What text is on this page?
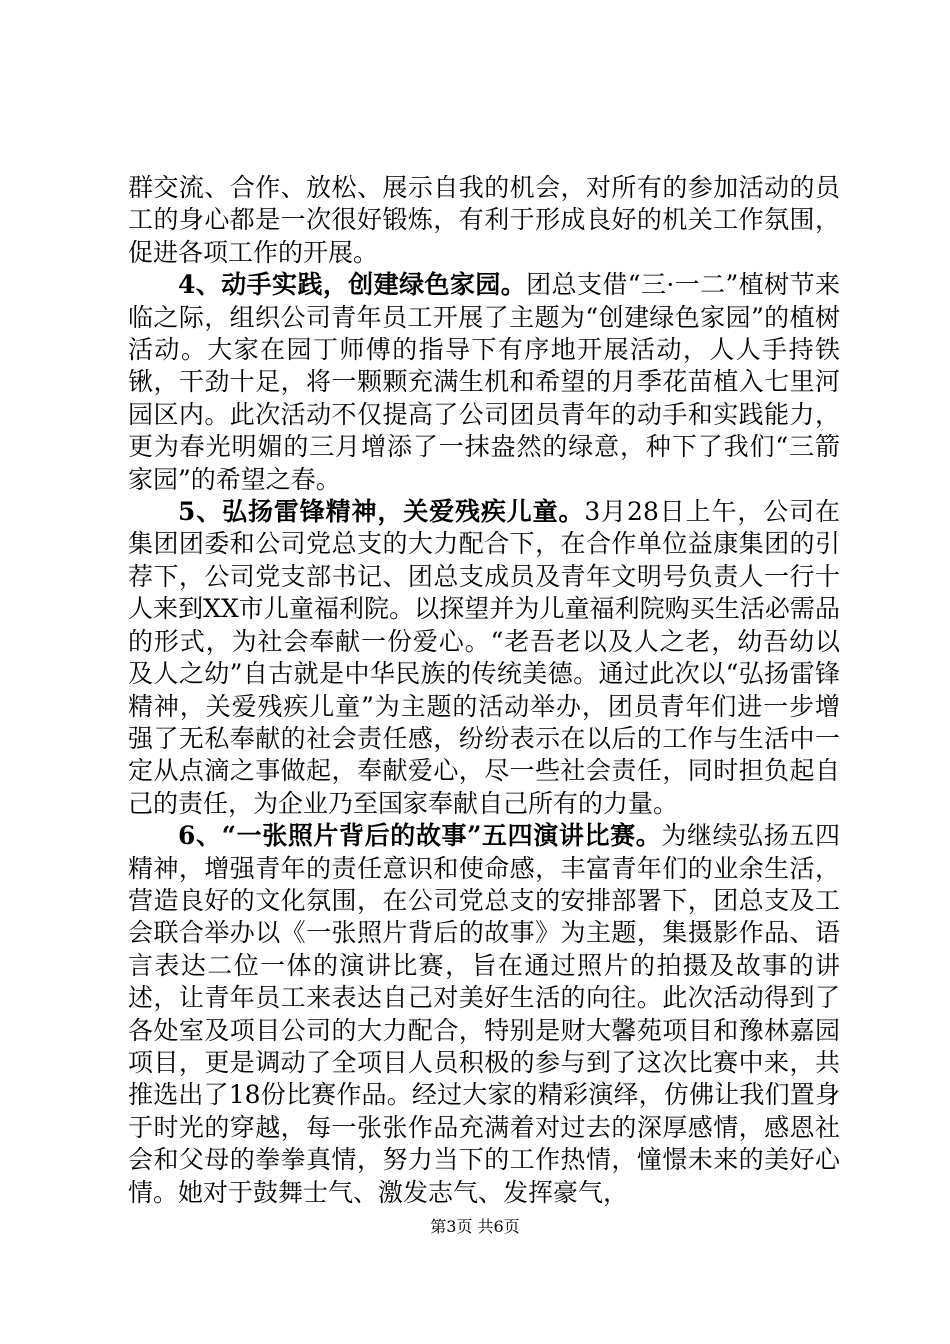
群交流、合作、放松、展示自我的机会，对所有的参加活动的员工的身心都是一次很好锻炼，有利于形成良好的机关工作氛围，促进各项工作的开展。

4、动手实践，创建绿色家园。团总支借“三·一二”植树节来临之际，组织公司青年员工开展了主题为“创建绿色家园”的植树活动。大家在园丁师傅的指导下有序地开展活动，人人手持铁锹，干劲十足，将一颗颗充满生机和希望的月季花苗植入七里河园区内。此次活动不仅提高了公司团员青年的动手和实践能力，更为春光明媚的三月增添了一抹盎然的绿意，种下了我们“三箭家园”的希望之春。

5、弘扬雷锋精神，关爱残疾儿童。3月28日上午，公司在集团团委和公司党总支的大力配合下，在合作单位益康集团的引荐下，公司党支部书记、团总支成员及青年文明号负责人一行十人来到XX市儿童福利院。以探望并为儿童福利院购买生活必需品的形式，为社会奉献一份爱心。“老吾老以及人之老，幼吾幼以及人之幼”自古就是中华民族的传统美德。通过此次以“弘扬雷锋精神，关爱残疾儿童”为主题的活动举办，团员青年们进一步增强了无私奉献的社会责任感，纷纷表示在以后的工作与生活中一定从点滴之事做起，奉献爱心，尽一些社会责任，同时担负起自己的责任，为企业乃至国家奉献自己所有的力量。

6、“一张照片背后的故事”五四演讲比赛。为继续弘扬五四精神，增强青年的责任意识和使命感，丰富青年们的业余生活，营造良好的文化氛围，在公司党总支的安排部署下，团总支及工会联合举办以《一张照片背后的故事》为主题，集摄影作品、语言表达二位一体的演讲比赛，旨在通过照片的拍摄及故事的讲述，让青年员工来表达自己对美好生活的向往。此次活动得到了各处室及项目公司的大力配合，特别是财大馨苑项目和豫林嘉园项目，更是调动了全项目人员积极的参与到了这次比赛中来，共推选出了18份比赛作品。经过大家的精彩演绎，仿佛让我们置身于时光的穿越，每一张张作品充满着对过去的深厚感情，感恩社会和父母的拳拳真情，努力当下的工作热情，憧憬未来的美好心情。她对于鼓舞士气、激发志气、发挥豪气，

第3页 共6页
